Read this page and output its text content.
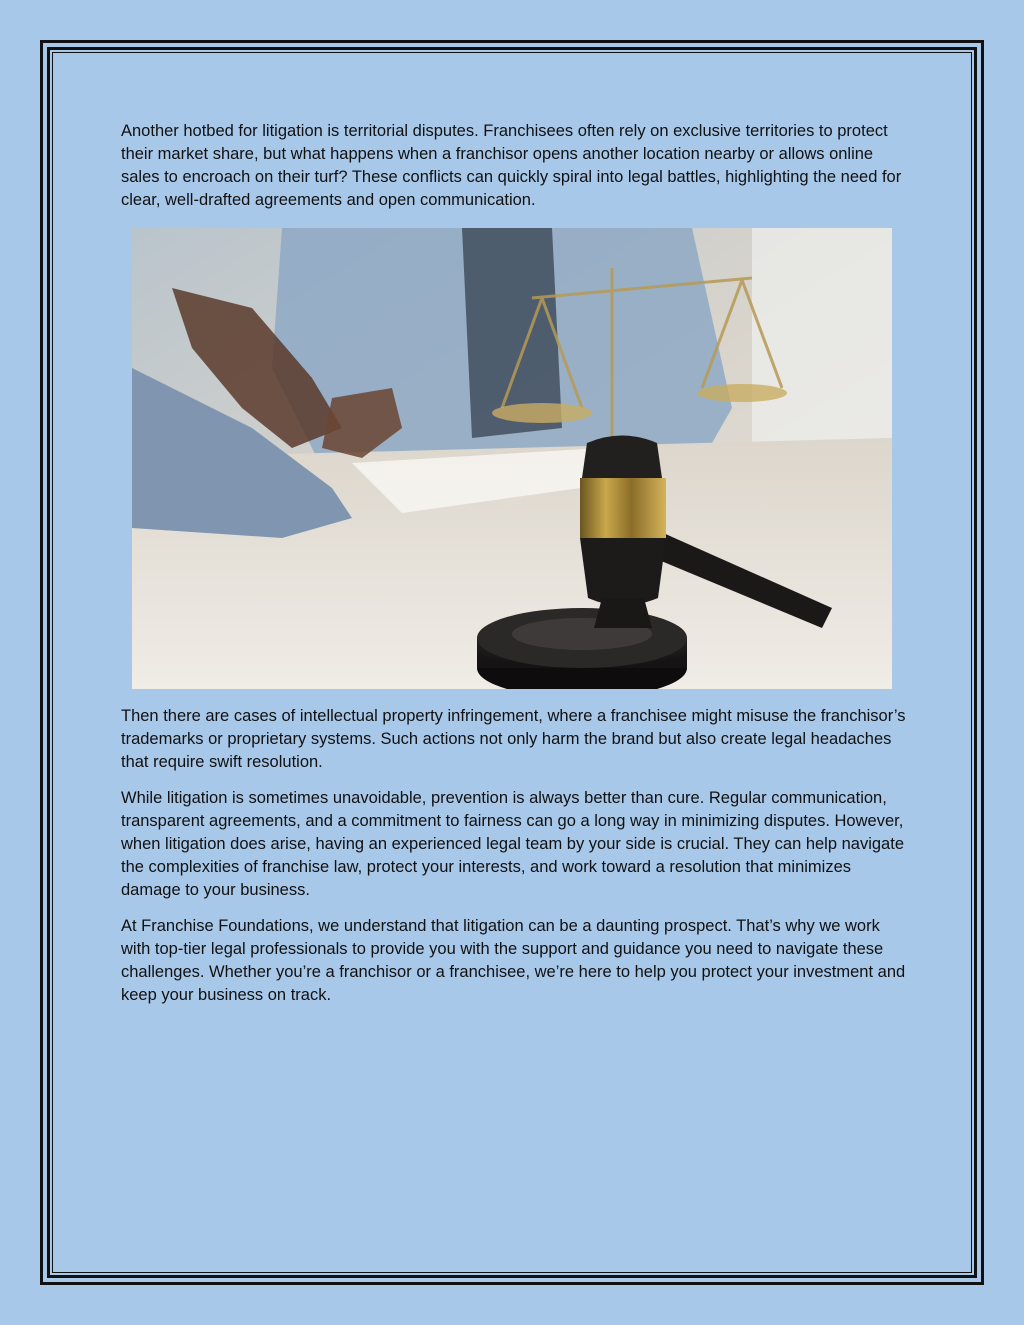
Another hotbed for litigation is territorial disputes. Franchisees often rely on exclusive territories to protect their market share, but what happens when a franchisor opens another location nearby or allows online sales to encroach on their turf? These conflicts can quickly spiral into legal battles, highlighting the need for clear, well-drafted agreements and open communication.

Then there are cases of intellectual property infringement, where a franchisee might misuse the franchisor’s trademarks or proprietary systems. Such actions not only harm the brand but also create legal headaches that require swift resolution.

While litigation is sometimes unavoidable, prevention is always better than cure. Regular communication, transparent agreements, and a commitment to fairness can go a long way in minimizing disputes. However, when litigation does arise, having an experienced legal team by your side is crucial. They can help navigate the complexities of franchise law, protect your interests, and work toward a resolution that minimizes damage to your business.

At Franchise Foundations, we understand that litigation can be a daunting prospect. That’s why we work with top-tier legal professionals to provide you with the support and guidance you need to navigate these challenges. Whether you’re a franchisor or a franchisee, we’re here to help you protect your investment and keep your business on track.
